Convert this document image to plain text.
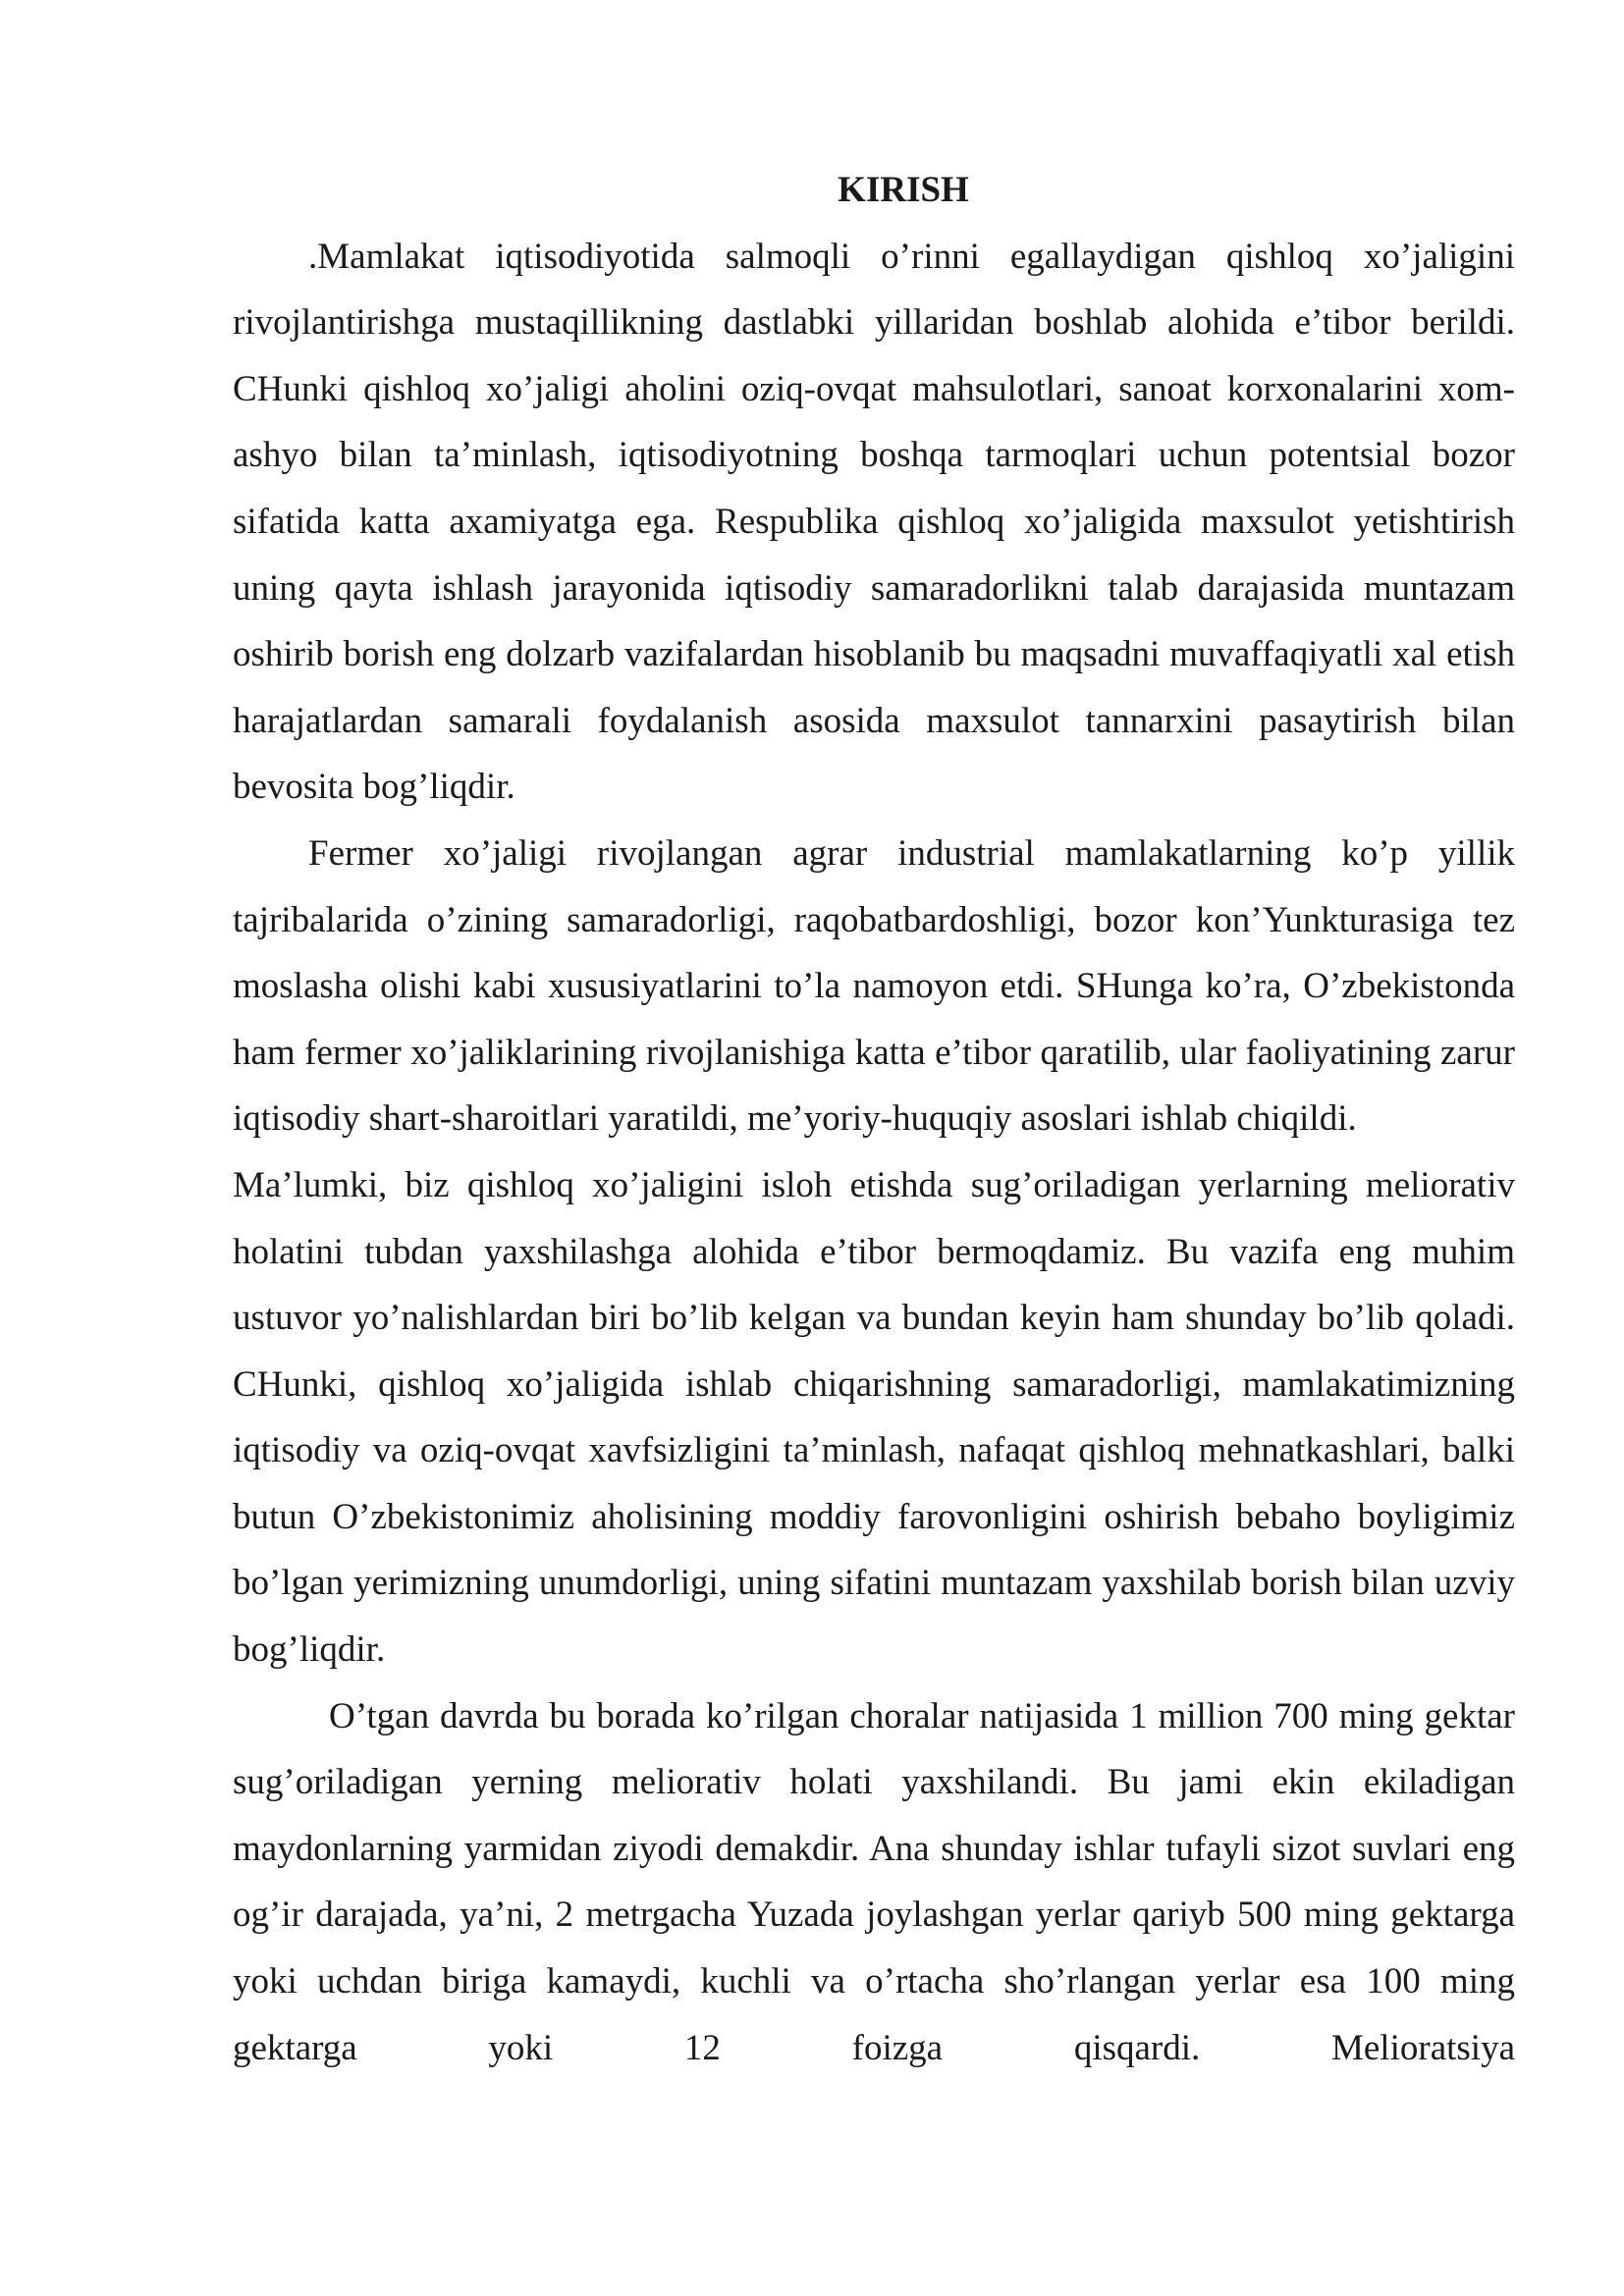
KIRISH

.Mamlakat iqtisodiyotida salmoqli o’rinni egallaydigan qishloq xo’jaligini rivojlantirishga mustaqillikning dastlabki yillaridan boshlab alohida e’tibor berildi. CHunki qishloq xo’jaligi aholini oziq-ovqat mahsulotlari, sanoat korxonalarini xom-ashyo bilan ta’minlash, iqtisodiyotning boshqa tarmoqlari uchun potentsial bozor sifatida katta axamiyatga ega. Respublika qishloq xo’jaligida maxsulot yetishtirish uning qayta ishlash jarayonida iqtisodiy samaradorlikni talab darajasida muntazam oshirib borish eng dolzarb vazifalardan hisoblanib bu maqsadni muvaffaqiyatli xal etish harajatlardan samarali foydalanish asosida maxsulot tannarxini pasaytirish bilan bevosita bog’liqdir.

Fermer xo’jaligi rivojlangan agrar industrial mamlakatlarning ko’p yillik tajribalarida o’zining samaradorligi, raqobatbardoshligi, bozor kon’Yunkturasiga tez moslasha olishi kabi xususiyatlarini to’la namoyon etdi. SHunga ko’ra, O’zbekistonda ham fermer xo’jaliklarining rivojlanishiga katta e’tibor qaratilib, ular faoliyatining zarur iqtisodiy shart-sharoitlari yaratildi, me’yoriy-huquqiy asoslari ishlab chiqildi.

Ma’lumki, biz qishloq xo’jaligini isloh etishda sug’oriladigan yerlarning meliorativ holatini tubdan yaxshilashga alohida e’tibor bermoqdamiz. Bu vazifa eng muhim ustuvor yo’nalishlardan biri bo’lib kelgan va bundan keyin ham shunday bo’lib qoladi. CHunki, qishloq xo’jaligida ishlab chiqarishning samaradorligi, mamlakatimizning iqtisodiy va oziq-ovqat xavfsizligini ta’minlash, nafaqat qishloq mehnatkashlari, balki butun O’zbekistonimiz aholisining moddiy farovonligini oshirish bebaho boyligimiz bo’lgan yerimizning unumdorligi, uning sifatini muntazam yaxshilab borish bilan uzviy bog’liqdir.

O’tgan davrda bu borada ko’rilgan choralar natijasida 1 million 700 ming gektar sug’oriladigan yerning meliorativ holati yaxshilandi. Bu jami ekin ekiladigan maydonlarning yarmidan ziyodi demakdir. Ana shunday ishlar tufayli sizot suvlari eng og’ir darajada, ya’ni, 2 metrgacha Yuzada joylashgan yerlar qariyb 500 ming gektarga yoki uchdan biriga kamaydi, kuchli va o’rtacha sho’rlangan yerlar esa 100 ming gektarga yoki 12 foizga qisqardi. Melioratsiya
